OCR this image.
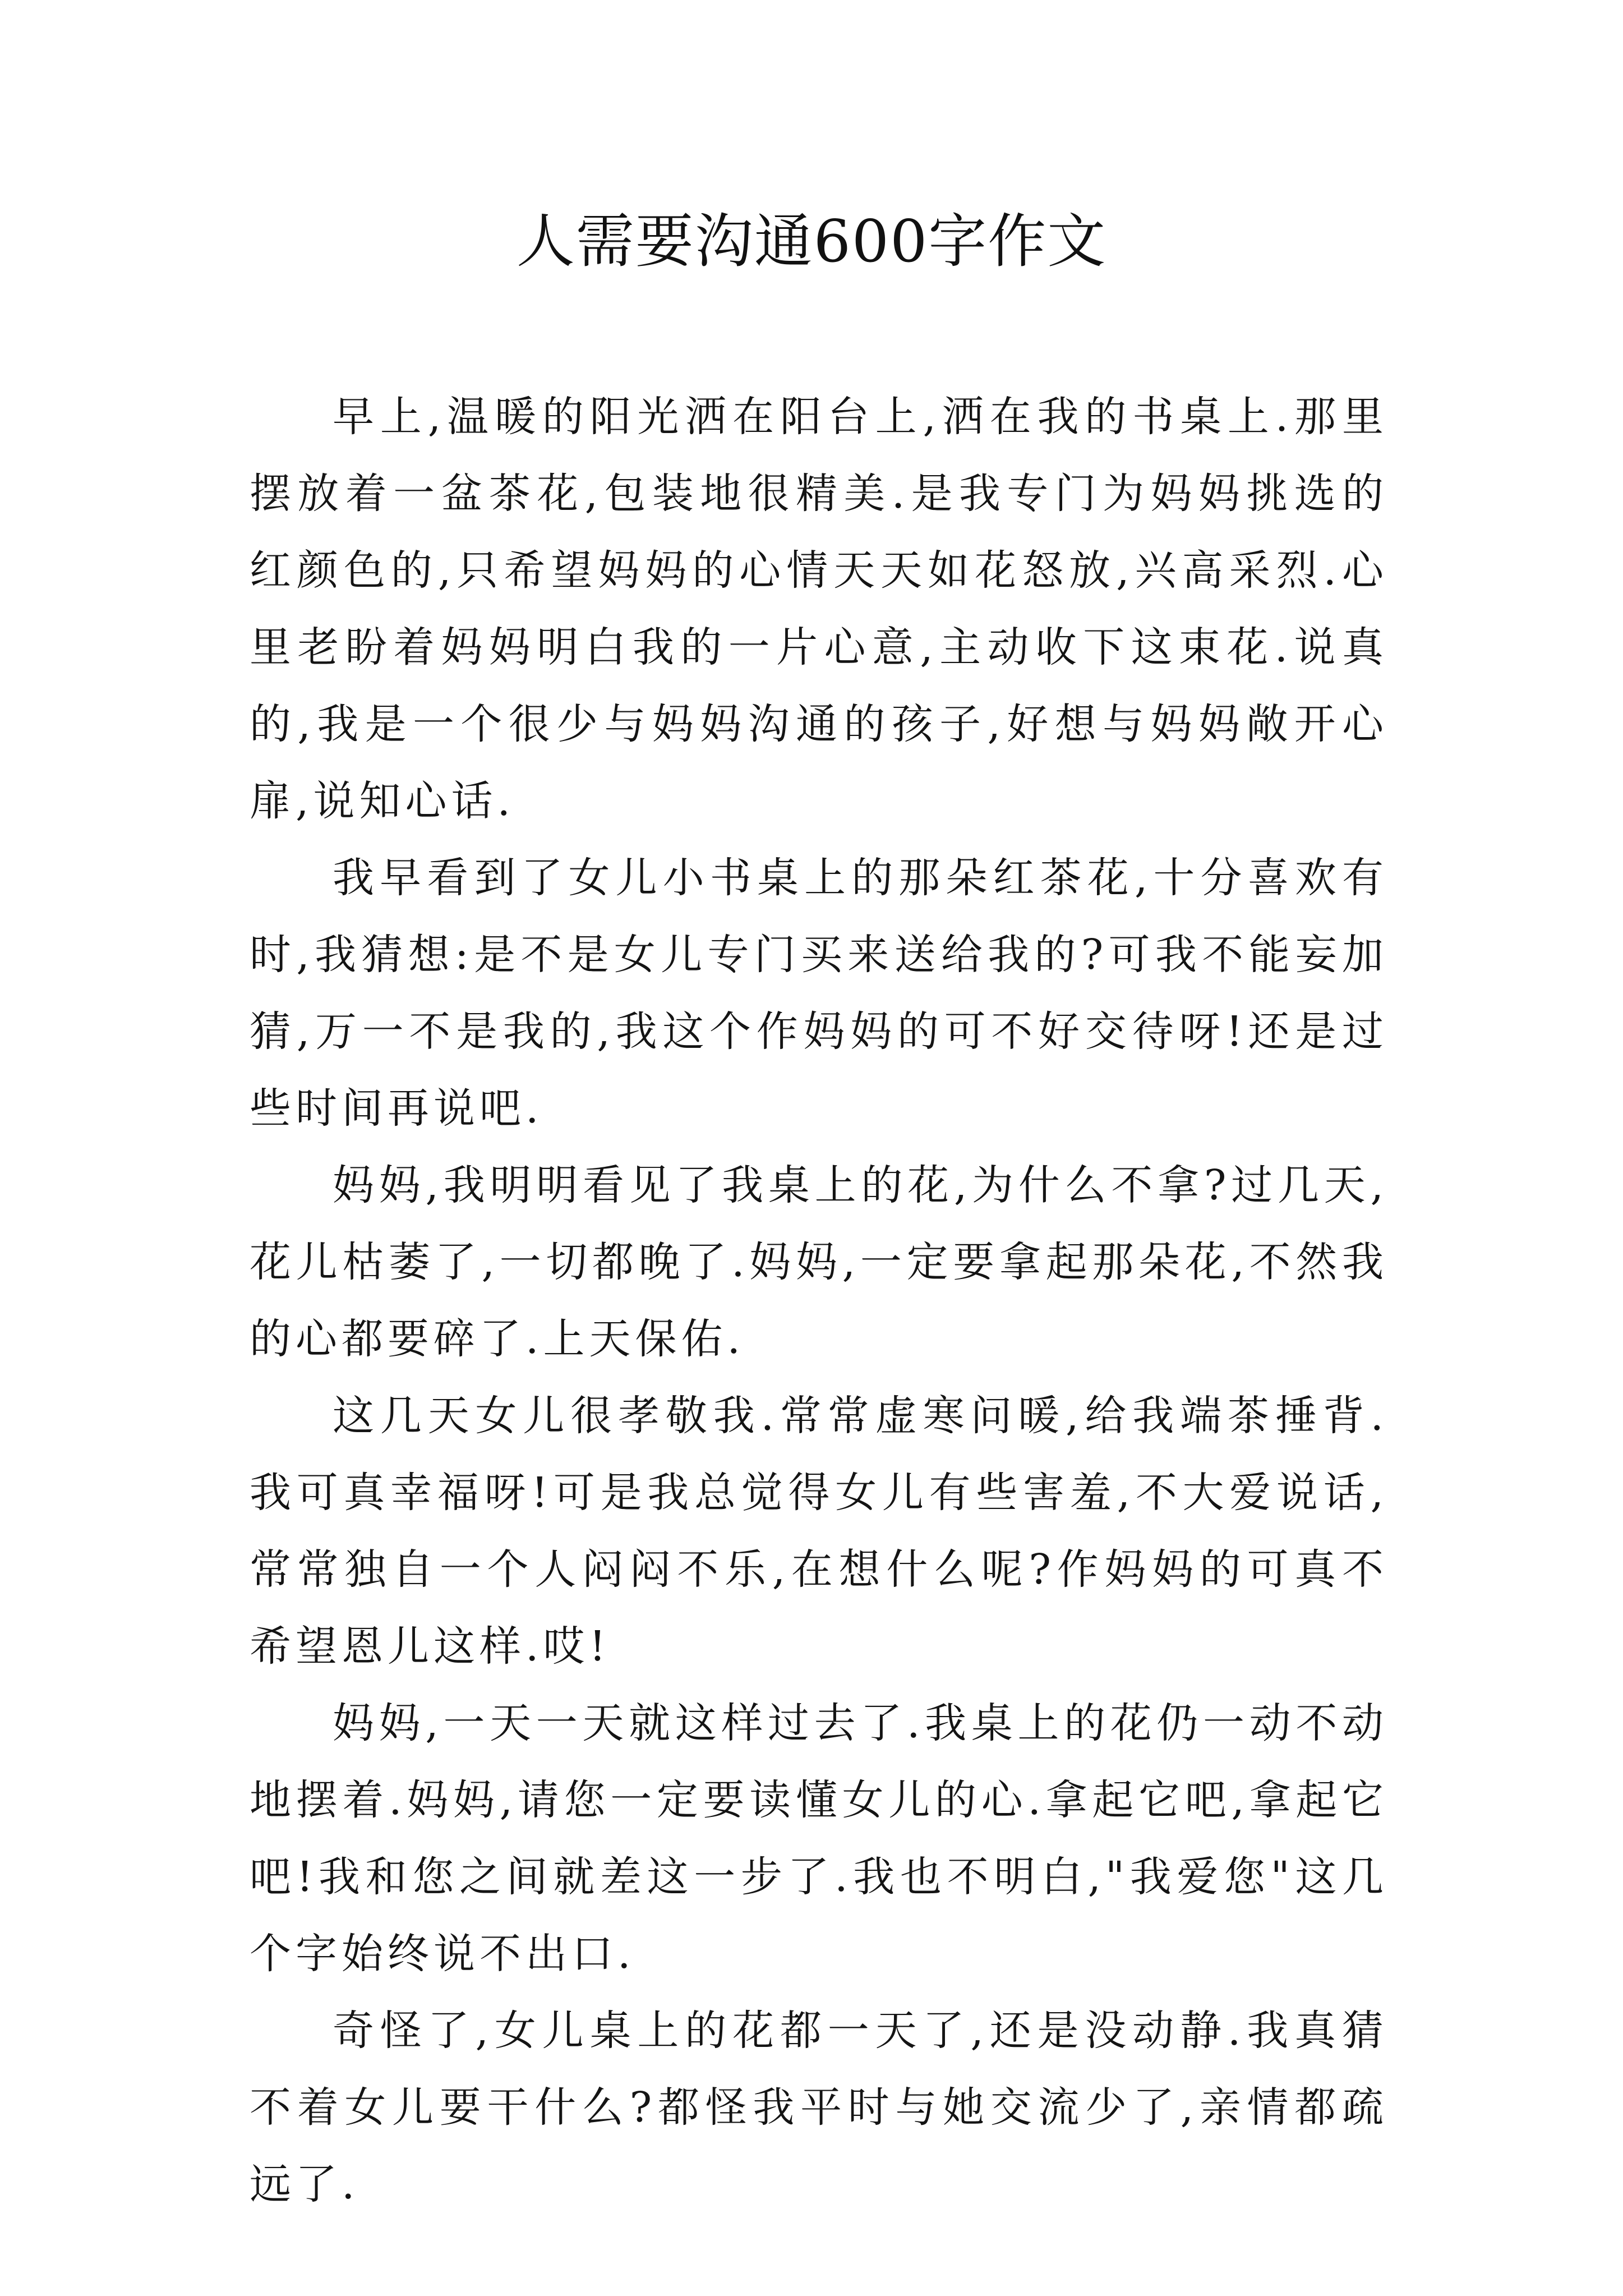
人需要沟通600字作文

早上,温暖的阳光洒在阳台上,洒在我的书桌上.那里摆放着一盆茶花,包装地很精美.是我专门为妈妈挑选的红颜色的,只希望妈妈的心情天天如花怒放,兴高采烈.心里老盼着妈妈明白我的一片心意,主动收下这束花.说真的,我是一个很少与妈妈沟通的孩子,好想与妈妈敞开心扉,说知心话.

我早看到了女儿小书桌上的那朵红茶花,十分喜欢有时,我猜想:是不是女儿专门买来送给我的?可我不能妄加猜,万一不是我的,我这个作妈妈的可不好交待呀!还是过些时间再说吧.

妈妈,我明明看见了我桌上的花,为什么不拿?过几天,花儿枯萎了,一切都晚了.妈妈,一定要拿起那朵花,不然我的心都要碎了.上天保佑.

这几天女儿很孝敬我.常常虚寒问暖,给我端茶捶背.我可真幸福呀!可是我总觉得女儿有些害羞,不大爱说话,常常独自一个人闷闷不乐,在想什么呢?作妈妈的可真不希望恩儿这样.哎!

妈妈,一天一天就这样过去了.我桌上的花仍一动不动地摆着.妈妈,请您一定要读懂女儿的心.拿起它吧,拿起它吧!我和您之间就差这一步了.我也不明白,"我爱您"这几个字始终说不出口.

奇怪了,女儿桌上的花都一天了,还是没动静.我真猜不着女儿要干什么?都怪我平时与她交流少了,亲情都疏远了.
